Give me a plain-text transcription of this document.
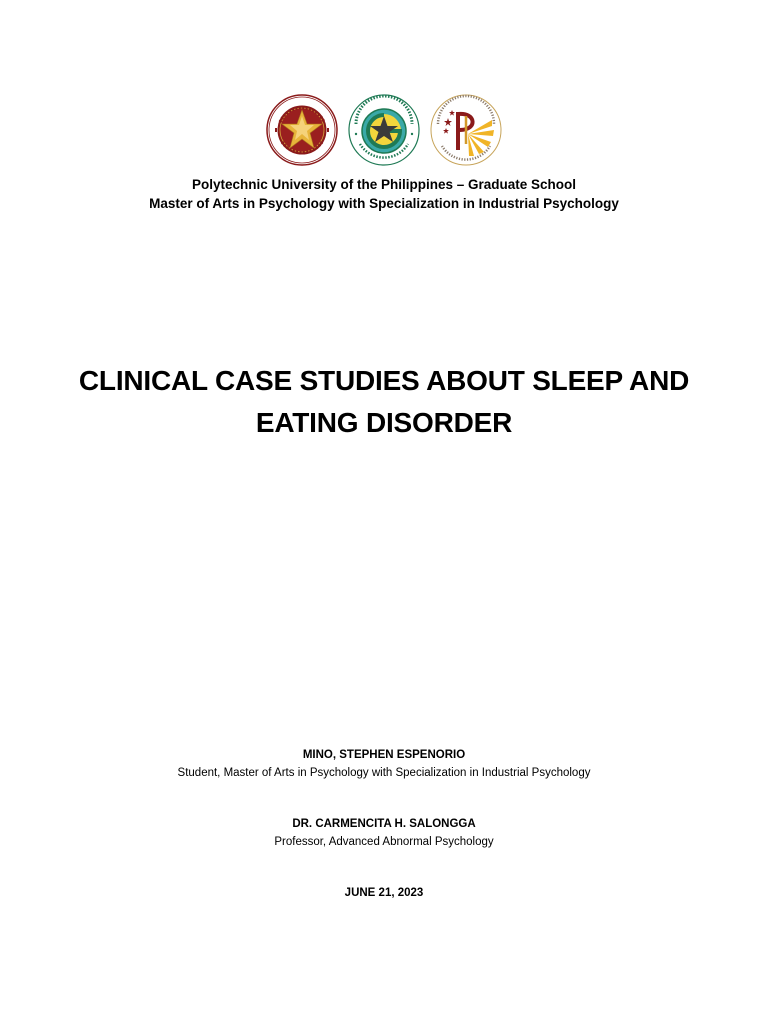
Polytechnic University of the Philippines – Graduate School
Master of Arts in Psychology with Specialization in Industrial Psychology
CLINICAL CASE STUDIES ABOUT SLEEP AND EATING DISORDER
MINO, STEPHEN ESPENORIO
Student, Master of Arts in Psychology with Specialization in Industrial Psychology
DR. CARMENCITA H. SALONGGA
Professor, Advanced Abnormal Psychology
JUNE 21, 2023
